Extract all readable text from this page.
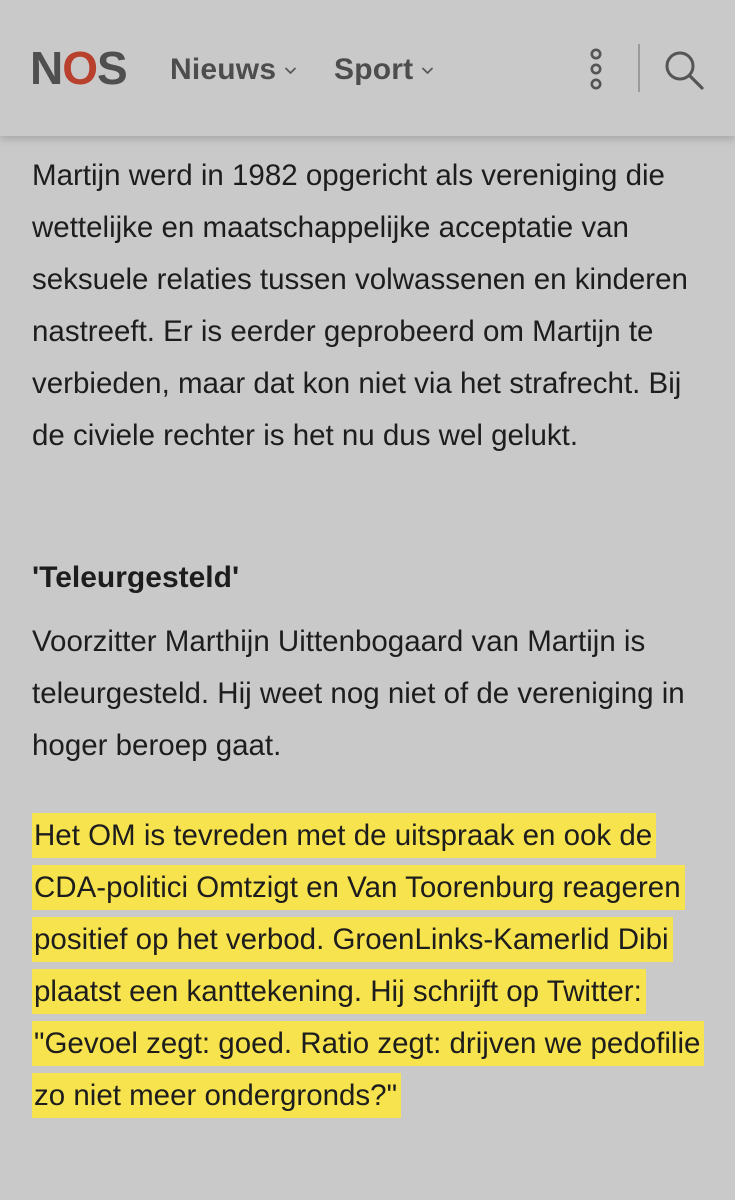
N O S Nieuws Sport

Martijn werd in 1982 opgericht als vereniging die wettelijke en maatschappelijke acceptatie van seksuele relaties tussen volwassenen en kinderen nastreeft. Er is eerder geprobeerd om Martijn te verbieden, maar dat kon niet via het strafrecht. Bij de civiele rechter is het nu dus wel gelukt.

'Teleurgesteld'

Voorzitter Marthijn Uittenbogaard van Martijn is teleurgesteld. Hij weet nog niet of de vereniging in hoger beroep gaat.

Het OM is tevreden met de uitspraak en ook de CDA-politici Omtzigt en Van Toorenburg reageren positief op het verbod. GroenLinks-Kamerlid Dibi plaatst een kanttekening. Hij schrijft op Twitter: "Gevoel zegt: goed. Ratio zegt: drijven we pedofilie zo niet meer ondergronds?"
